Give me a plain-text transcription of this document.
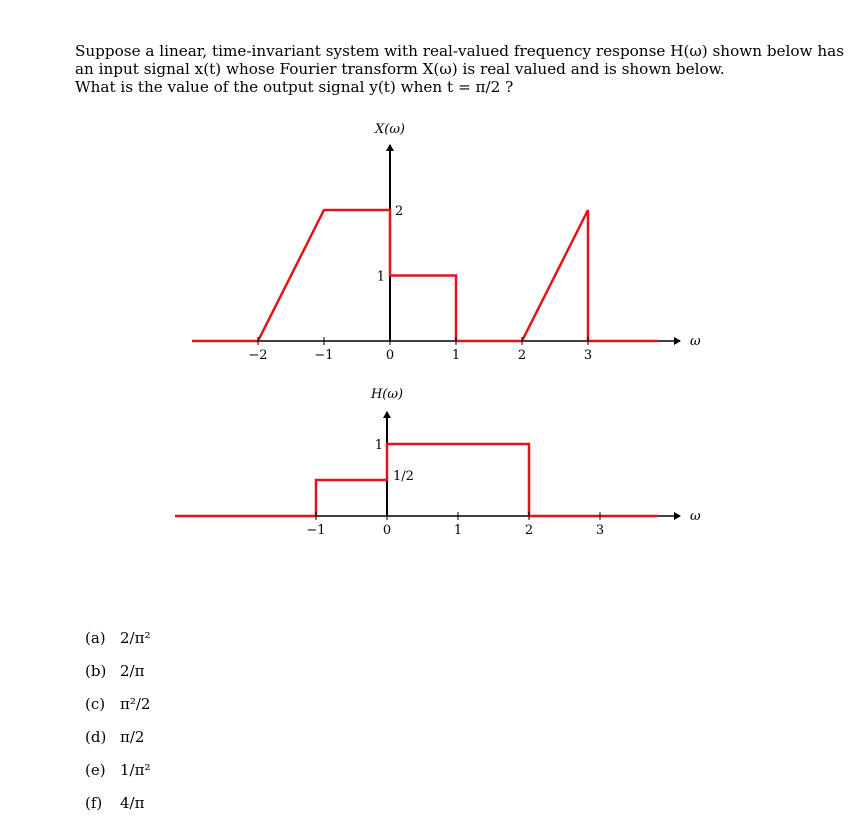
Suppose a linear, time-invariant system with real-valued frequency response H(ω) shown below has

an input signal x(t) whose Fourier transform X(ω) is real valued and is shown below.

What is the value of the output signal y(t) when t = π/2 ?

X(ω)
ω
−2	−1	0	1	2	3
1
2
H(ω)
ω
−1	0	1	2	3
1/2
1
(a) 2/π²
(b) 2/π
(c) π²/2
(d) π/2
(e) 1/π²
(f) 4/π
